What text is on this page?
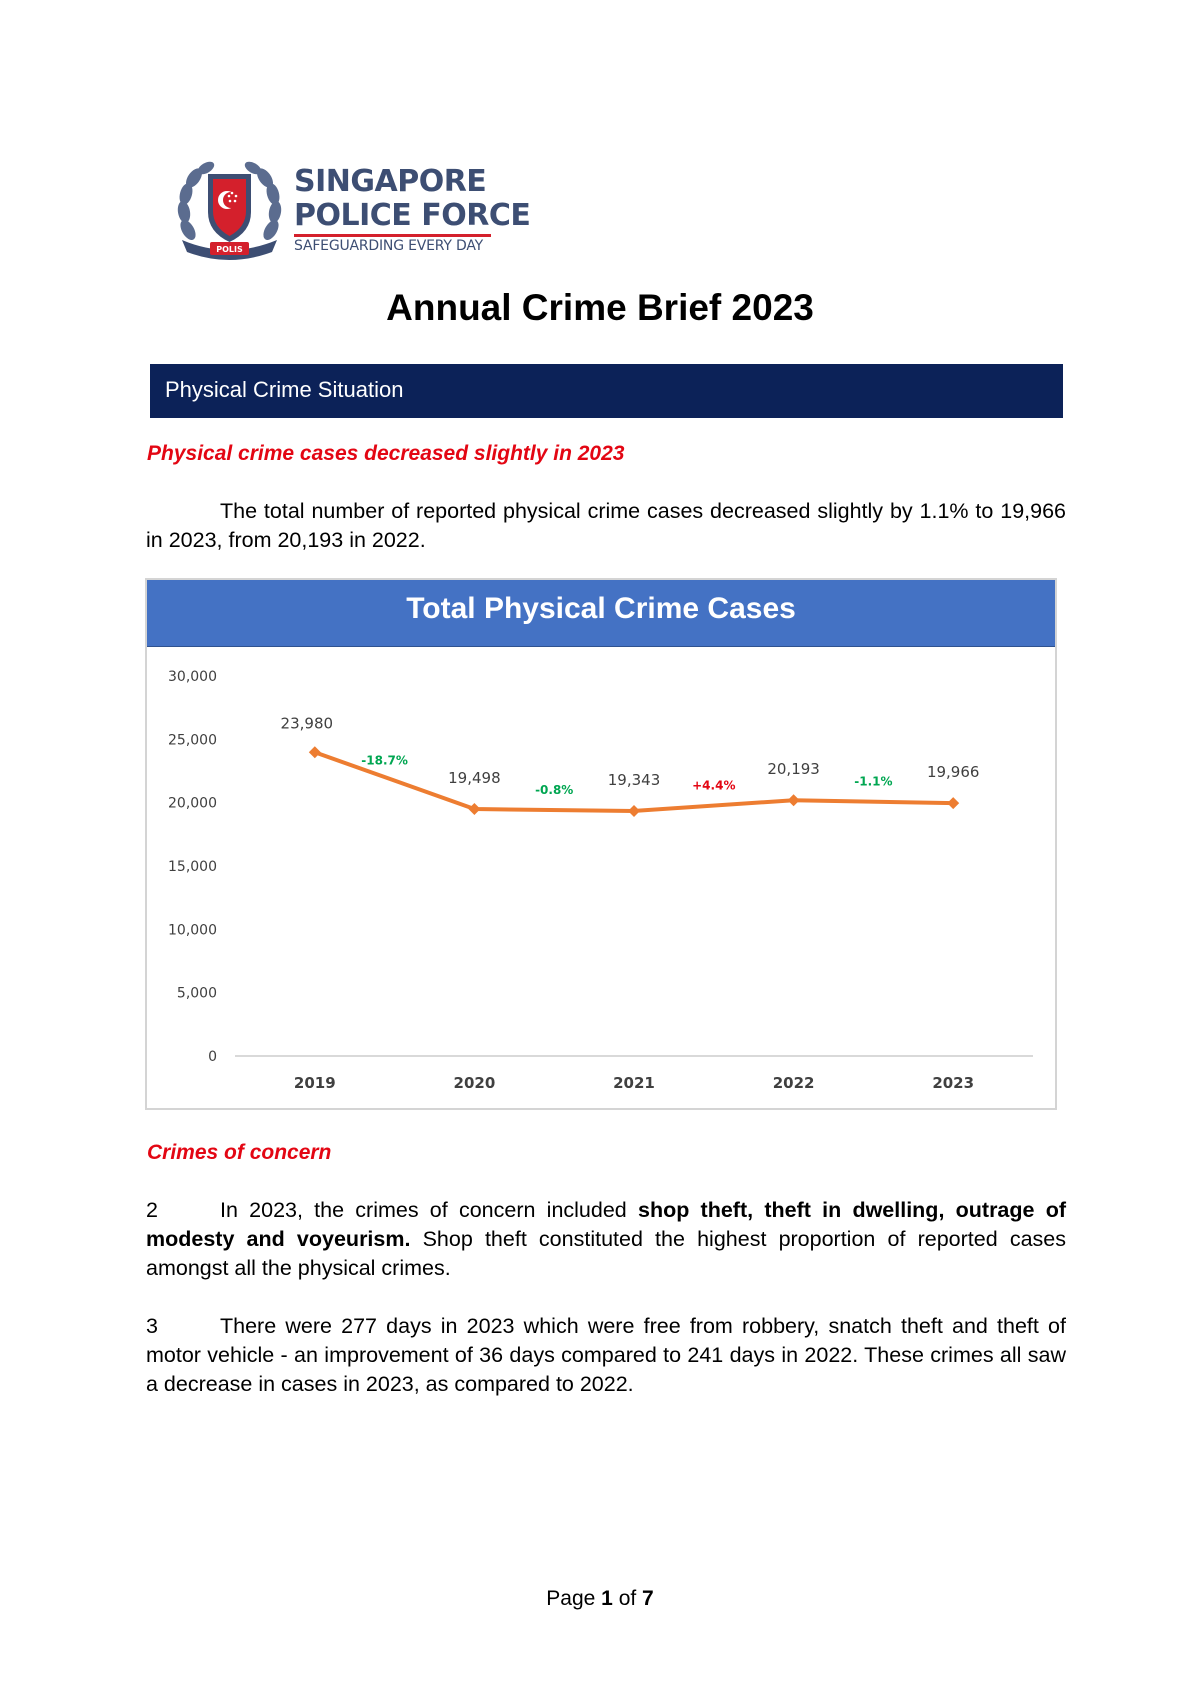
POLIS
SINGAPORE
POLICE FORCE
SAFEGUARDING EVERY DAY
Annual Crime Brief 2023
Physical Crime Situation
Physical crime cases decreased slightly in 2023

The total number of reported physical crime cases decreased slightly by 1.1% to 19,966 in 2023, from 20,193 in 2022.

Total Physical Crime Cases
0
5,000
10,000
15,000
20,000
25,000
30,000
2019	2020	2021	2022	2023
23,980
19,498	19,343
20,193	19,966
-18.7%
-0.8%	+4.4%	-1.1%
Crimes of concern

2	In 2023, the crimes of concern included shop theft, theft in dwelling, outrage of modesty and voyeurism. Shop theft constituted the highest proportion of reported cases amongst all the physical crimes.

3	There were 277 days in 2023 which were free from robbery, snatch theft and theft of motor vehicle - an improvement of 36 days compared to 241 days in 2022. These crimes all saw a decrease in cases in 2023, as compared to 2022.

Page 1 of 7
